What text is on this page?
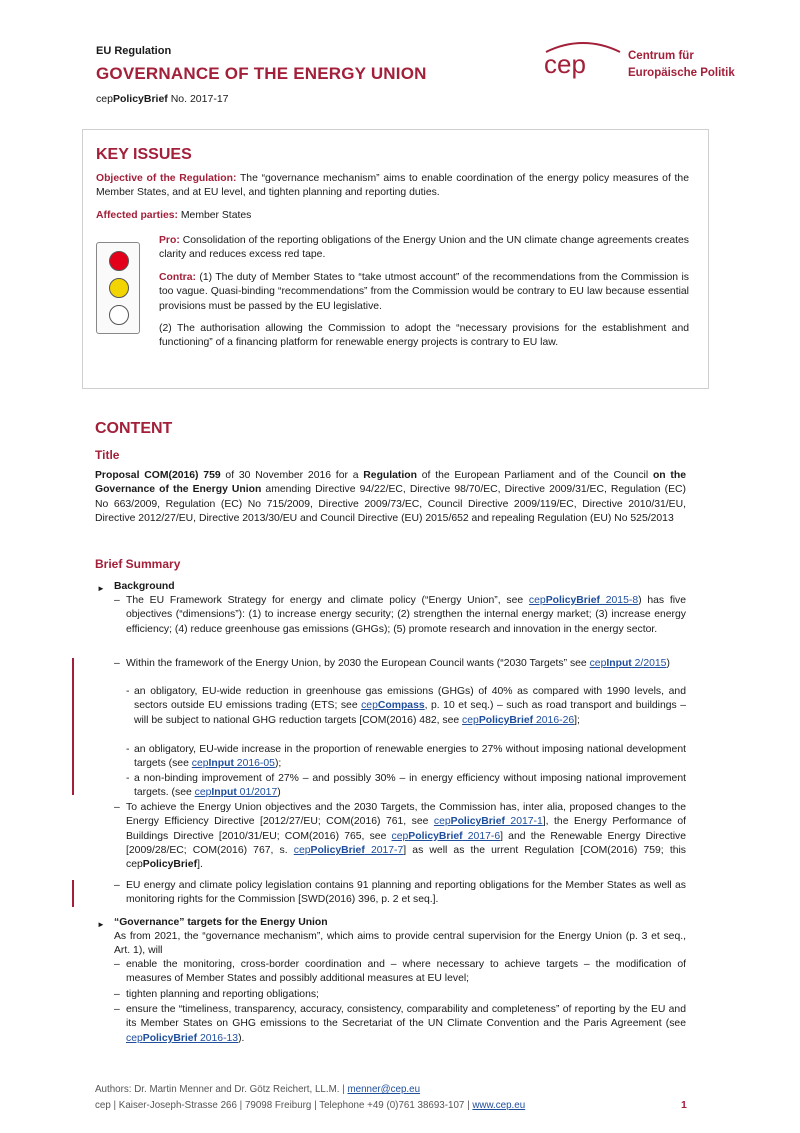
EU Regulation
GOVERNANCE OF THE ENERGY UNION
cepPolicyBrief No. 2017-17
cep	Centrum für
Europäische Politik
KEY ISSUES
Objective of the Regulation: The “governance mechanism” aims to enable coordination of the energy policy measures of the Member States, and at EU level, and tighten planning and reporting duties.
Affected parties: Member States
Pro: Consolidation of the reporting obligations of the Energy Union and the UN climate change agreements creates clarity and reduces excess red tape.
Contra: (1) The duty of Member States to “take utmost account” of the recommendations from the Commission is too vague. Quasi-binding “recommendations” from the Commission would be contrary to EU law because essential provisions must be passed by the EU legislative.
(2) The authorisation allowing the Commission to adopt the “necessary provisions for the establishment and functioning” of a financing platform for renewable energy projects is contrary to EU law.
CONTENT
Title
Proposal COM(2016) 759 of 30 November 2016 for a Regulation of the European Parliament and of the Council on the Governance of the Energy Union amending Directive 94/22/EC, Directive 98/70/EC, Directive 2009/31/EC, Regulation (EC) No 663/2009, Regulation (EC) No 715/2009, Directive 2009/73/EC, Council Directive 2009/119/EC, Directive 2010/31/EU, Directive 2012/27/EU, Directive 2013/30/EU and Council Directive (EU) 2015/652 and repealing Regulation (EU) No 525/2013
Brief Summary
► Background
– The EU Framework Strategy for energy and climate policy (“Energy Union”, see cepPolicyBrief 2015-8) has five objectives (“dimensions”): (1) to increase energy security; (2) strengthen the internal energy market; (3) increase energy efficiency; (4) reduce greenhouse gas emissions (GHGs); (5) promote research and innovation in the energy sector.
– Within the framework of the Energy Union, by 2030 the European Council wants (“2030 Targets” see cepInput 2/2015)
- an obligatory, EU-wide reduction in greenhouse gas emissions (GHGs) of 40% as compared with 1990 levels, and sectors outside EU emissions trading (ETS; see cepCompass, p. 10 et seq.) – such as road transport and buildings – will be subject to national GHG reduction targets [COM(2016) 482, see cepPolicyBrief 2016-26];
- an obligatory, EU-wide increase in the proportion of renewable energies to 27% without imposing national development targets (see cepInput 2016-05);
- a non-binding improvement of 27% – and possibly 30% – in energy efficiency without imposing national improvement targets. (see cepInput 01/2017)
– To achieve the Energy Union objectives and the 2030 Targets, the Commission has, inter alia, proposed changes to the Energy Efficiency Directive [2012/27/EU; COM(2016) 761, see cepPolicyBrief 2017-1], the Energy Performance of Buildings Directive [2010/31/EU; COM(2016) 765, see cepPolicyBrief 2017-6] and the Renewable Energy Directive [2009/28/EC; COM(2016) 767, s. cepPolicyBrief 2017-7] as well as the urrent Regulation [COM(2016) 759; this cepPolicyBrief].
– EU energy and climate policy legislation contains 91 planning and reporting obligations for the Member States as well as monitoring rights for the Commission [SWD(2016) 396, p. 2 et seq.].
► “Governance” targets for the Energy Union
As from 2021, the “governance mechanism”, which aims to provide central supervision for the Energy Union (p. 3 et seq., Art. 1), will
– enable the monitoring, cross-border coordination and – where necessary to achieve targets – the modification of measures of Member States and possibly additional measures at EU level;
– tighten planning and reporting obligations;
– ensure the “timeliness, transparency, accuracy, consistency, comparability and completeness” of reporting by the EU and its Member States on GHG emissions to the Secretariat of the UN Climate Convention and the Paris Agreement (see cepPolicyBrief 2016-13).
Authors: Dr. Martin Menner and Dr. Götz Reichert, LL.M. | menner@cep.eu
cep | Kaiser-Joseph-Strasse 266 | 79098 Freiburg | Telephone +49 (0)761 38693-107 | www.cep.eu	1
